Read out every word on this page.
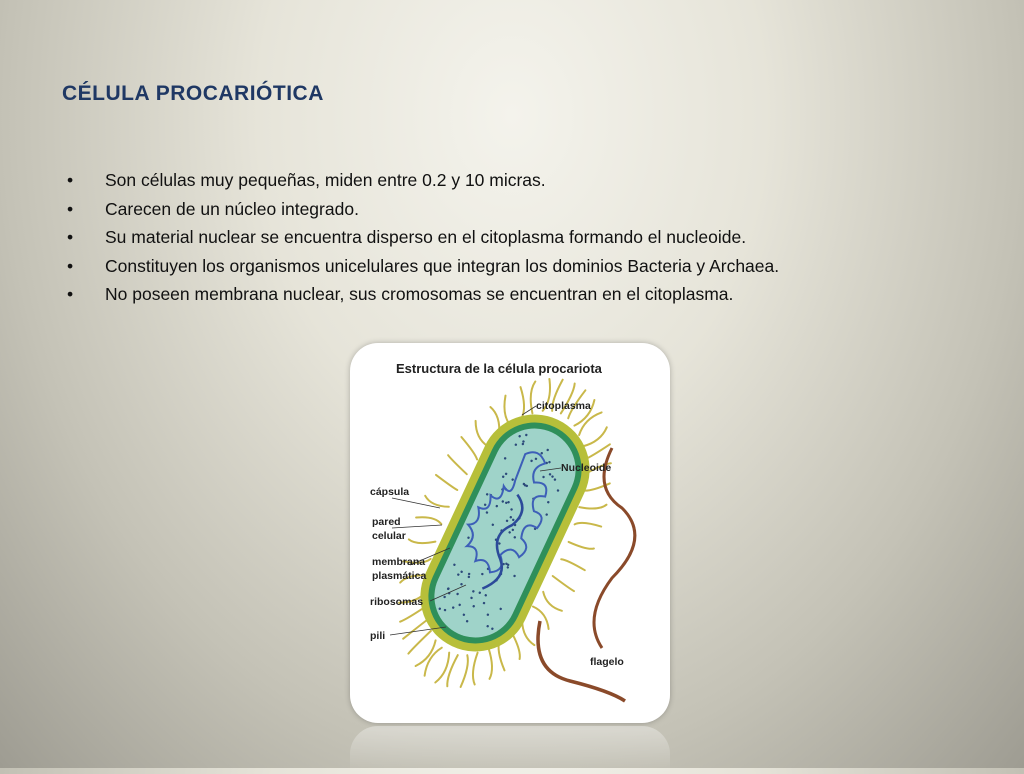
CÉLULA PROCARIÓTICA
• Son células muy pequeñas, miden entre 0.2 y 10 micras.
• Carecen de un núcleo integrado.
• Su material nuclear se encuentra disperso en el citoplasma formando el nucleoide.
• Constituyen los organismos unicelulares que integran los dominios Bacteria y Archaea.
• No poseen membrana nuclear, sus cromosomas se encuentran en el citoplasma.
Estructura de la célula procariota
citoplasma
Nucleoide
cápsula
pared
celular
membrana
plasmática
ribosomas
pili
flagelo
